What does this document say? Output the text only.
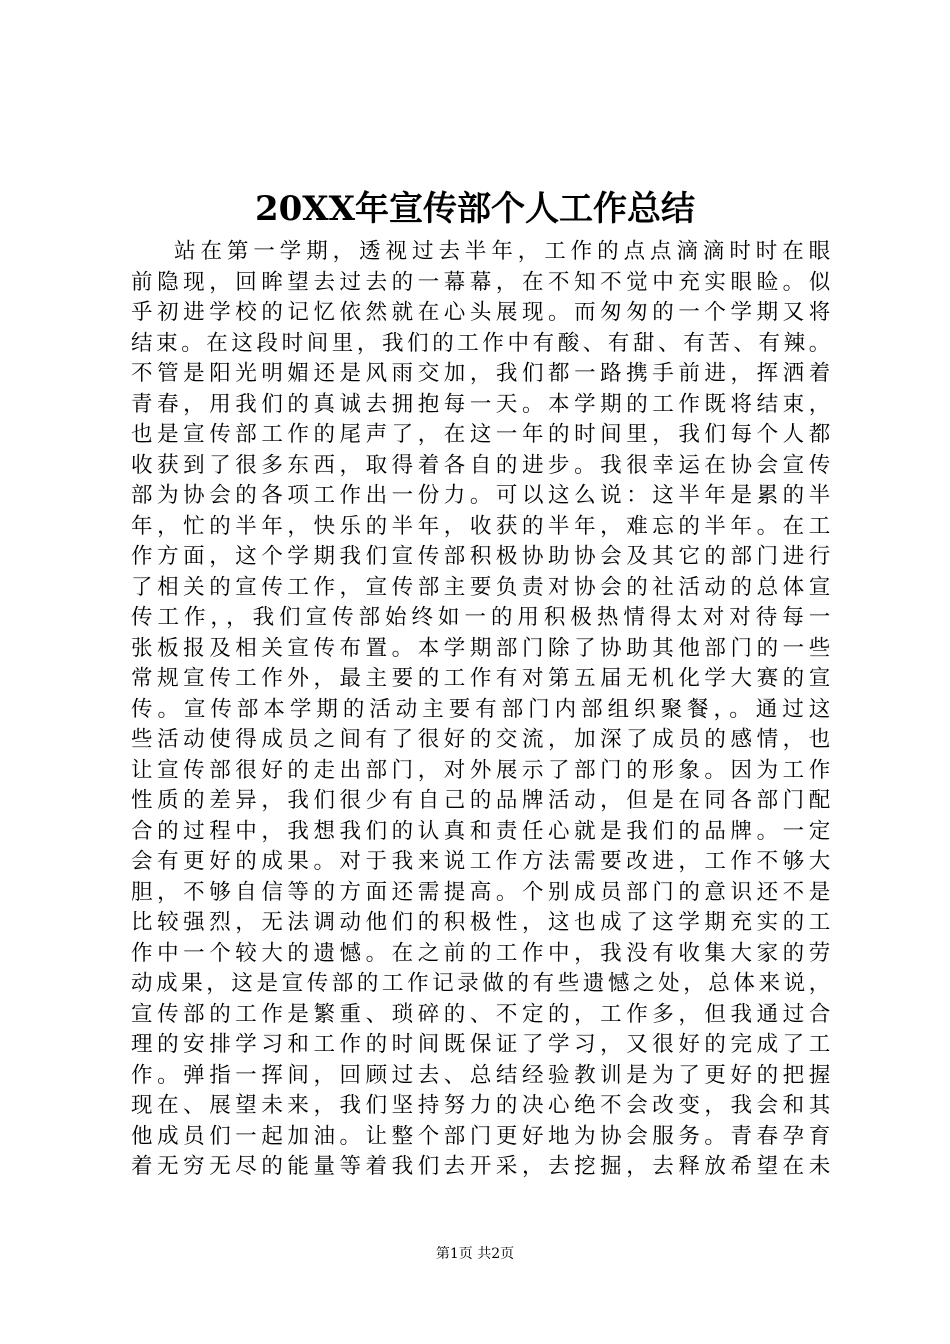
20XX年宣传部个人工作总结
站在第一学期，透视过去半年，工作的点点滴滴时时在眼
前隐现，回眸望去过去的一幕幕，在不知不觉中充实眼睑。似
乎初进学校的记忆依然就在心头展现。而匆匆的一个学期又将
结束。在这段时间里，我们的工作中有酸、有甜、有苦、有辣。
不管是阳光明媚还是风雨交加，我们都一路携手前进，挥洒着
青春，用我们的真诚去拥抱每一天。本学期的工作既将结束，
也是宣传部工作的尾声了，在这一年的时间里，我们每个人都
收获到了很多东西，取得着各自的进步。我很幸运在协会宣传
部为协会的各项工作出一份力。可以这么说：这半年是累的半
年，忙的半年，快乐的半年，收获的半年，难忘的半年。在工
作方面，这个学期我们宣传部积极协助协会及其它的部门进行
了相关的宣传工作，宣传部主要负责对协会的社活动的总体宣
传工作，，我们宣传部始终如一的用积极热情得太对对待每一
张板报及相关宣传布置。本学期部门除了协助其他部门的一些
常规宣传工作外，最主要的工作有对第五届无机化学大赛的宣
传。宣传部本学期的活动主要有部门内部组织聚餐，。通过这
些活动使得成员之间有了很好的交流，加深了成员的感情，也
让宣传部很好的走出部门，对外展示了部门的形象。因为工作
性质的差异，我们很少有自己的品牌活动，但是在同各部门配
合的过程中，我想我们的认真和责任心就是我们的品牌。一定
会有更好的成果。对于我来说工作方法需要改进，工作不够大
胆，不够自信等的方面还需提高。个别成员部门的意识还不是
比较强烈，无法调动他们的积极性，这也成了这学期充实的工
作中一个较大的遗憾。在之前的工作中，我没有收集大家的劳
动成果，这是宣传部的工作记录做的有些遗憾之处，总体来说，
宣传部的工作是繁重、琐碎的、不定的，工作多，但我通过合
理的安排学习和工作的时间既保证了学习，又很好的完成了工
作。弹指一挥间，回顾过去、总结经验教训是为了更好的把握
现在、展望未来，我们坚持努力的决心绝不会改变，我会和其
他成员们一起加油。让整个部门更好地为协会服务。青春孕育
着无穷无尽的能量等着我们去开采，去挖掘，去释放希望在未
第1页 共2页
